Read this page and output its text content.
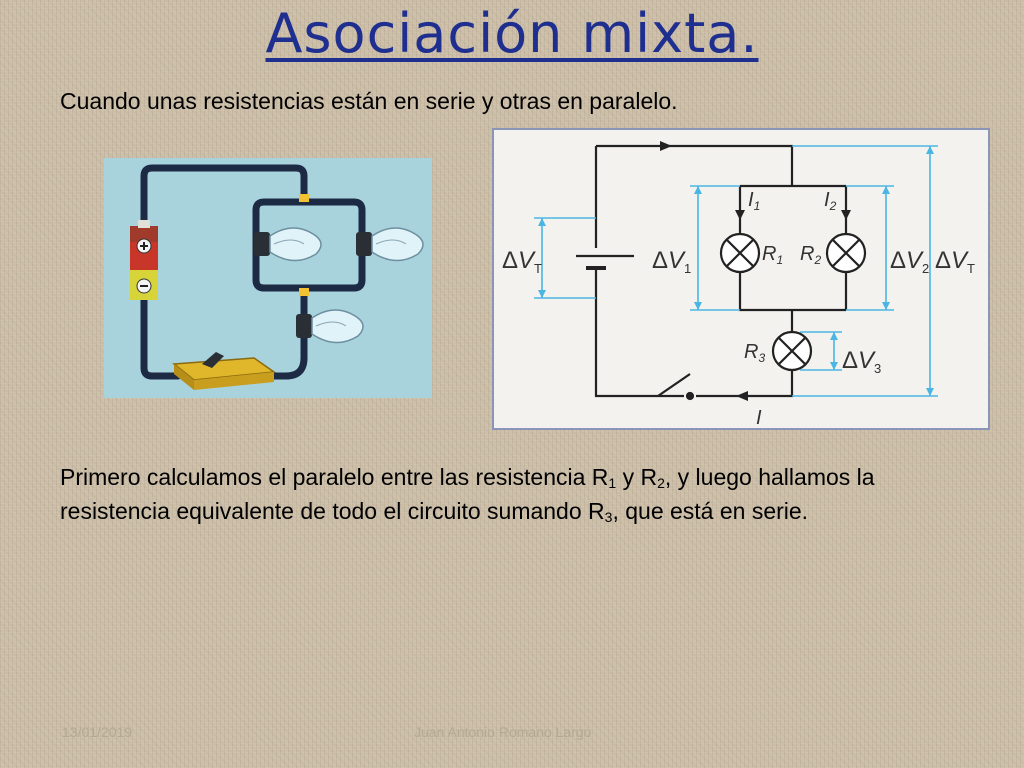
Asociación mixta.
Cuando unas resistencias están en serie y otras en paralelo.
$\Delta V_T$	$\Delta V_1$	$\Delta V_2$ $\Delta V_T$
$\Delta V_3$
$R_1$ $R_2$
$R_3$
$I_1$	$I_2$
I
Primero calculamos el paralelo entre las resistencia $R_1$ y $R_2$, y luego hallamos la resistencia equivalente de todo el circuito sumando $R_3$, que está en serie.
13/01/2019	Juan Antonio Romano Largo
